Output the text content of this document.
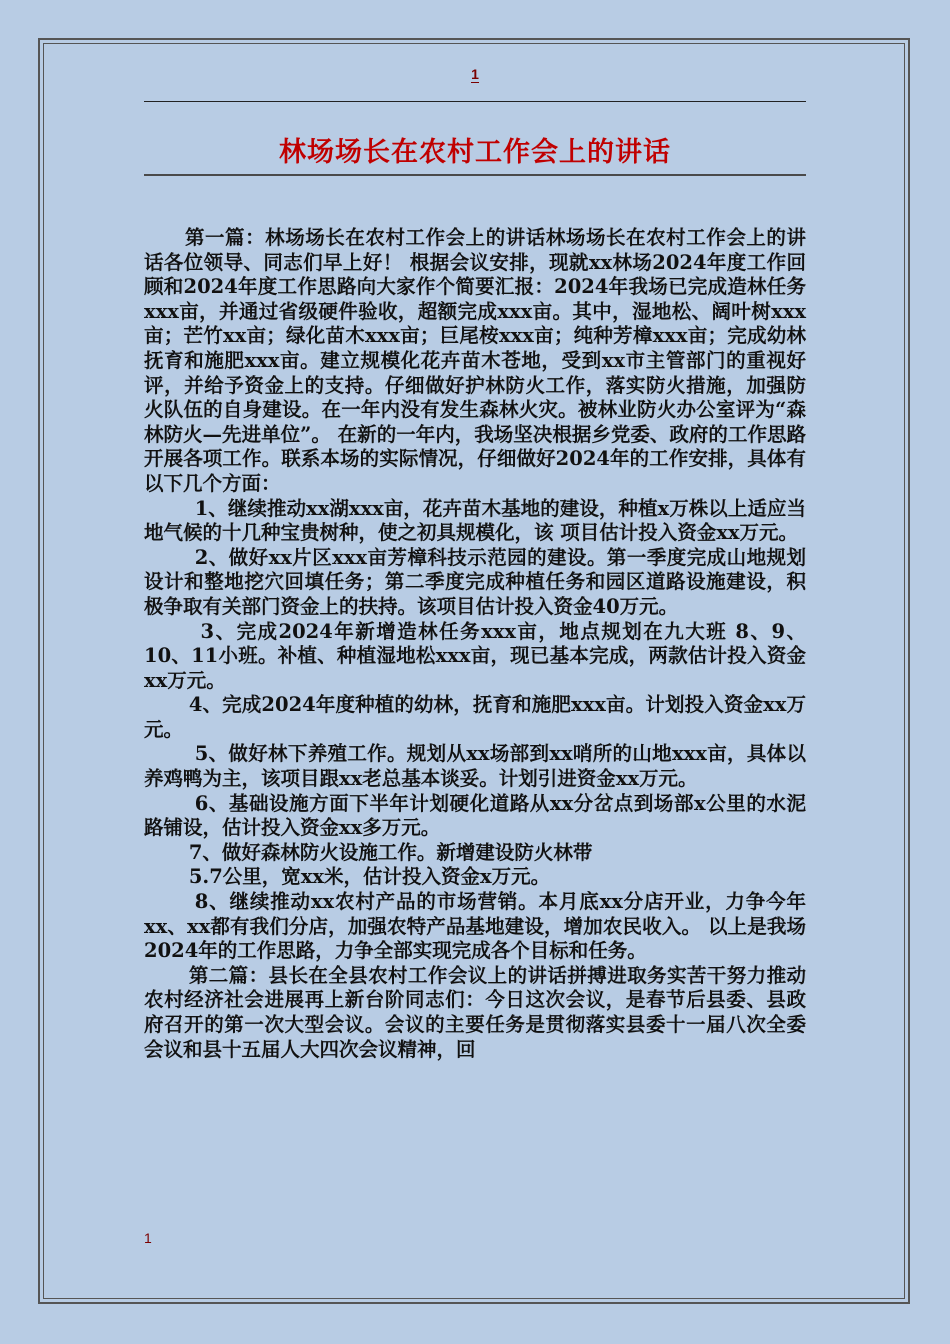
1
林场场长在农村工作会上的讲话

第一篇：林场场长在农村工作会上的讲话林场场长在农村工作会上的讲话各位领导、同志们早上好！ 根据会议安排，现就xx林场2024年度工作回顾和2024年度工作思路向大家作个简要汇报：2024年我场已完成造林任务xxx亩，并通过省级硬件验收，超额完成xxx亩。其中，湿地松、阔叶树xxx亩；芒竹xx亩；绿化苗木xxx亩；巨尾桉xxx亩；纯种芳樟xxx亩；完成幼林抚育和施肥xxx亩。建立规模化花卉苗木苍地，受到xx市主管部门的重视好评，并给予资金上的支持。仔细做好护林防火工作，落实防火措施，加强防火队伍的自身建设。在一年内没有发生森林火灾。被林业防火办公室评为“森林防火—先进单位”。 在新的一年内，我场坚决根据乡党委、政府的工作思路开展各项工作。联系本场的实际情况，仔细做好2024年的工作安排，具体有以下几个方面：

1、继续推动xx湖xxx亩，花卉苗木基地的建设，种植x万株以上适应当地气候的十几种宝贵树种，使之初具规模化，该 项目估计投入资金xx万元。

2、做好xx片区xxx亩芳樟科技示范园的建设。第一季度完成山地规划设计和整地挖穴回填任务；第二季度完成种植任务和园区道路设施建设，积极争取有关部门资金上的扶持。该项目估计投入资金40万元。

3、完成2024年新增造林任务xxx亩，地点规划在九大班 8、9、 10、11小班。补植、种植湿地松xxx亩，现已基本完成，两款估计投入资金xx万元。

4、完成2024年度种植的幼林，抚育和施肥xxx亩。计划投入资金xx万元。

5、做好林下养殖工作。规划从xx场部到xx哨所的山地xxx亩，具体以养鸡鸭为主，该项目跟xx老总基本谈妥。计划引进资金xx万元。

6、基础设施方面下半年计划硬化道路从xx分岔点到场部x公里的水泥路铺设，估计投入资金xx多万元。

7、做好森林防火设施工作。新增建设防火林带

5.7公里，宽xx米，估计投入资金x万元。

8、继续推动xx农村产品的市场营销。本月底xx分店开业，力争今年xx、xx都有我们分店，加强农特产品基地建设，增加农民收入。 以上是我场2024年的工作思路，力争全部实现完成各个目标和任务。

第二篇：县长在全县农村工作会议上的讲话拼搏进取务实苦干努力推动农村经济社会进展再上新台阶同志们：今日这次会议，是春节后县委、县政府召开的第一次大型会议。会议的主要任务是贯彻落实县委十一届八次全委会议和县十五届人大四次会议精神，回

1
